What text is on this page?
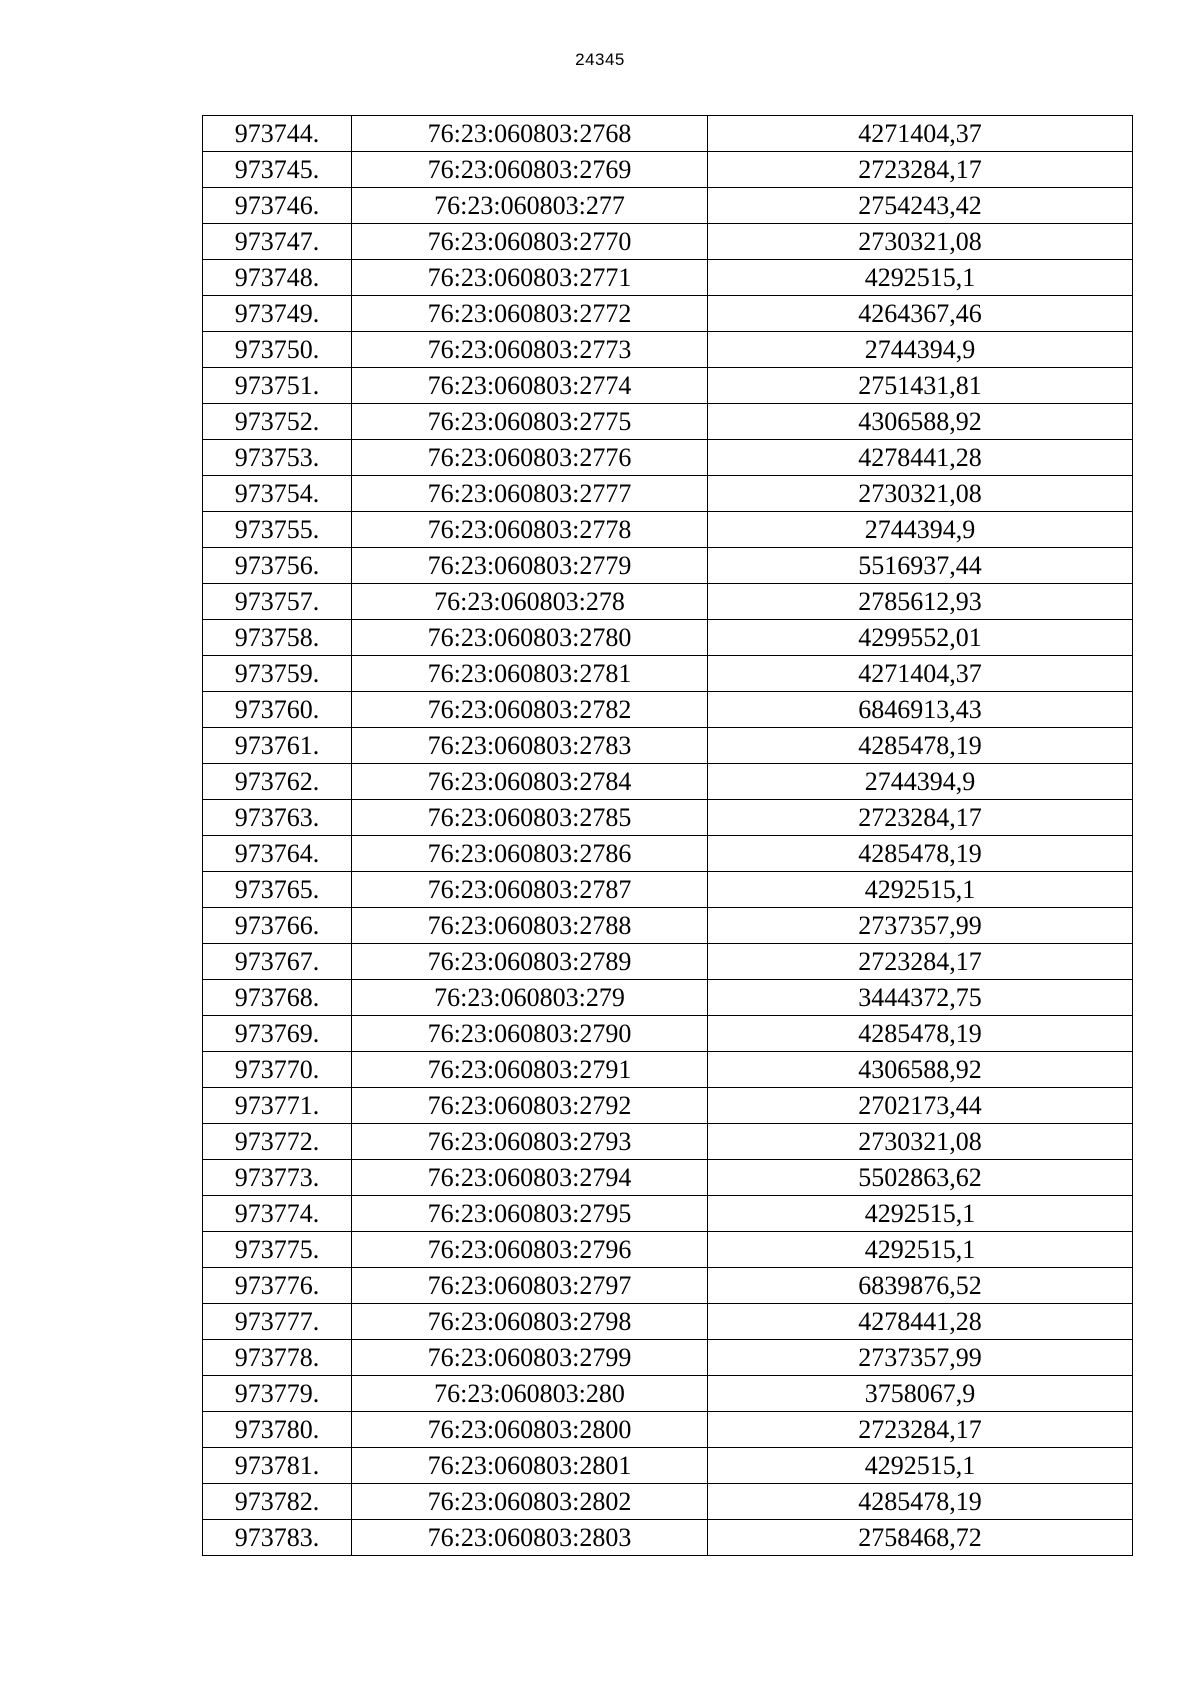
24345
973744.	76:23:060803:2768	4271404,37
973745.	76:23:060803:2769	2723284,17
973746.	76:23:060803:277	2754243,42
973747.	76:23:060803:2770	2730321,08
973748.	76:23:060803:2771	4292515,1
973749.	76:23:060803:2772	4264367,46
973750.	76:23:060803:2773	2744394,9
973751.	76:23:060803:2774	2751431,81
973752.	76:23:060803:2775	4306588,92
973753.	76:23:060803:2776	4278441,28
973754.	76:23:060803:2777	2730321,08
973755.	76:23:060803:2778	2744394,9
973756.	76:23:060803:2779	5516937,44
973757.	76:23:060803:278	2785612,93
973758.	76:23:060803:2780	4299552,01
973759.	76:23:060803:2781	4271404,37
973760.	76:23:060803:2782	6846913,43
973761.	76:23:060803:2783	4285478,19
973762.	76:23:060803:2784	2744394,9
973763.	76:23:060803:2785	2723284,17
973764.	76:23:060803:2786	4285478,19
973765.	76:23:060803:2787	4292515,1
973766.	76:23:060803:2788	2737357,99
973767.	76:23:060803:2789	2723284,17
973768.	76:23:060803:279	3444372,75
973769.	76:23:060803:2790	4285478,19
973770.	76:23:060803:2791	4306588,92
973771.	76:23:060803:2792	2702173,44
973772.	76:23:060803:2793	2730321,08
973773.	76:23:060803:2794	5502863,62
973774.	76:23:060803:2795	4292515,1
973775.	76:23:060803:2796	4292515,1
973776.	76:23:060803:2797	6839876,52
973777.	76:23:060803:2798	4278441,28
973778.	76:23:060803:2799	2737357,99
973779.	76:23:060803:280	3758067,9
973780.	76:23:060803:2800	2723284,17
973781.	76:23:060803:2801	4292515,1
973782.	76:23:060803:2802	4285478,19
973783.	76:23:060803:2803	2758468,72
